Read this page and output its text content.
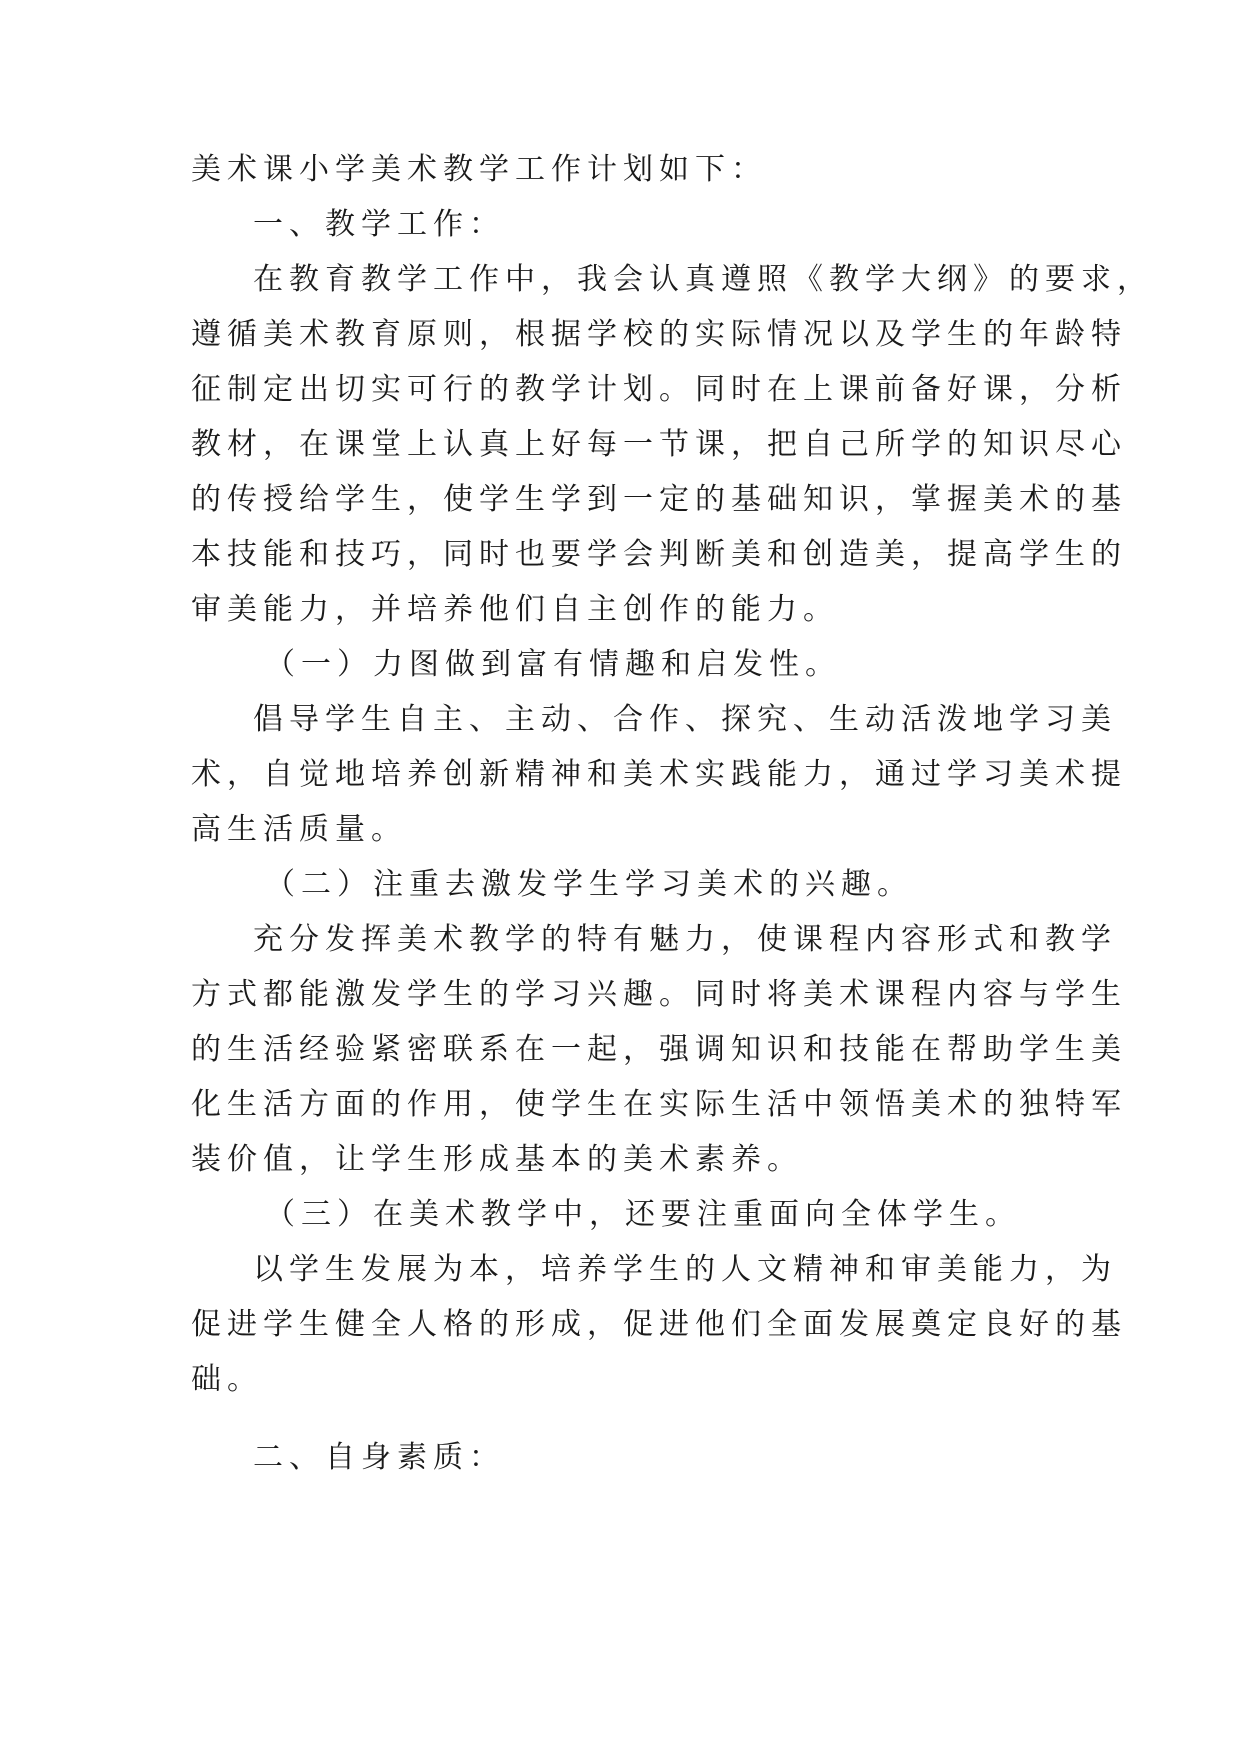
美术课小学美术教学工作计划如下：
一、教学工作：
在教育教学工作中，我会认真遵照《教学大纲》的要求，
遵循美术教育原则，根据学校的实际情况以及学生的年龄特
征制定出切实可行的教学计划。同时在上课前备好课，分析
教材，在课堂上认真上好每一节课，把自己所学的知识尽心
的传授给学生，使学生学到一定的基础知识，掌握美术的基
本技能和技巧，同时也要学会判断美和创造美，提高学生的
审美能力，并培养他们自主创作的能力。
（一）力图做到富有情趣和启发性。
倡导学生自主、主动、合作、探究、生动活泼地学习美
术，自觉地培养创新精神和美术实践能力，通过学习美术提
高生活质量。
（二）注重去激发学生学习美术的兴趣。
充分发挥美术教学的特有魅力，使课程内容形式和教学
方式都能激发学生的学习兴趣。同时将美术课程内容与学生
的生活经验紧密联系在一起，强调知识和技能在帮助学生美
化生活方面的作用，使学生在实际生活中领悟美术的独特军
装价值，让学生形成基本的美术素养。
（三）在美术教学中，还要注重面向全体学生。
以学生发展为本，培养学生的人文精神和审美能力，为
促进学生健全人格的形成，促进他们全面发展奠定良好的基
础。
二、自身素质：
